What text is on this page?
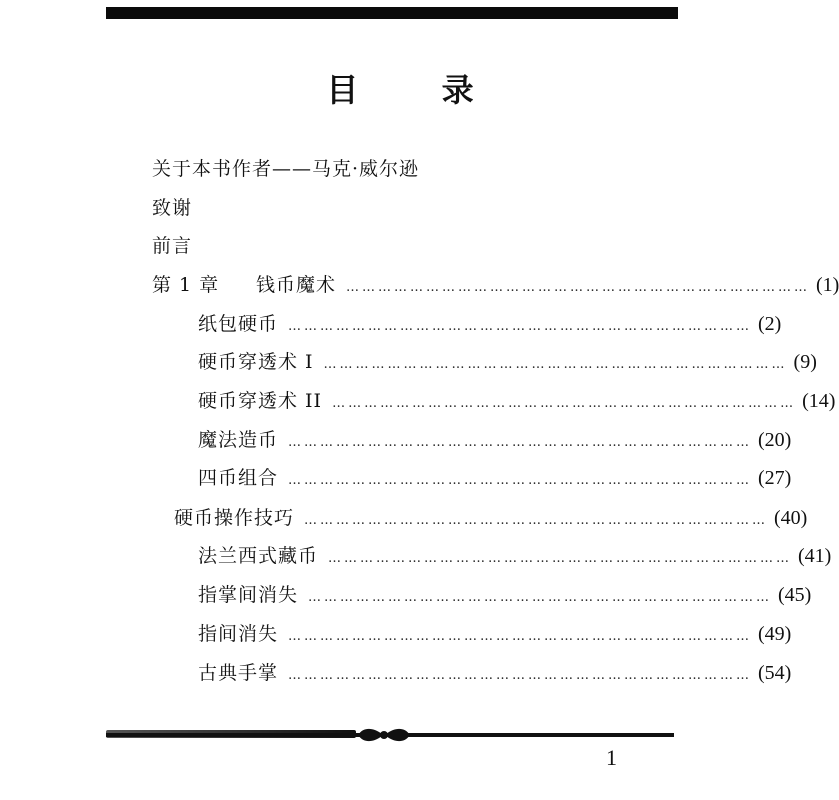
目 录
关于本书作者——马克·威尔逊
致谢
前言
第 1 章 钱币魔术 …………………………………………………………………………… (1)
纸包硬币 …………………………………………………………………………… (2)
硬币穿透术 I …………………………………………………………………………… (9)
硬币穿透术 II …………………………………………………………………………… (14)
魔法造币 …………………………………………………………………………… (20)
四币组合 …………………………………………………………………………… (27)
硬币操作技巧 …………………………………………………………………………… (40)
法兰西式藏币 …………………………………………………………………………… (41)
指掌间消失 …………………………………………………………………………… (45)
指间消失 …………………………………………………………………………… (49)
古典手掌 …………………………………………………………………………… (54)
1
